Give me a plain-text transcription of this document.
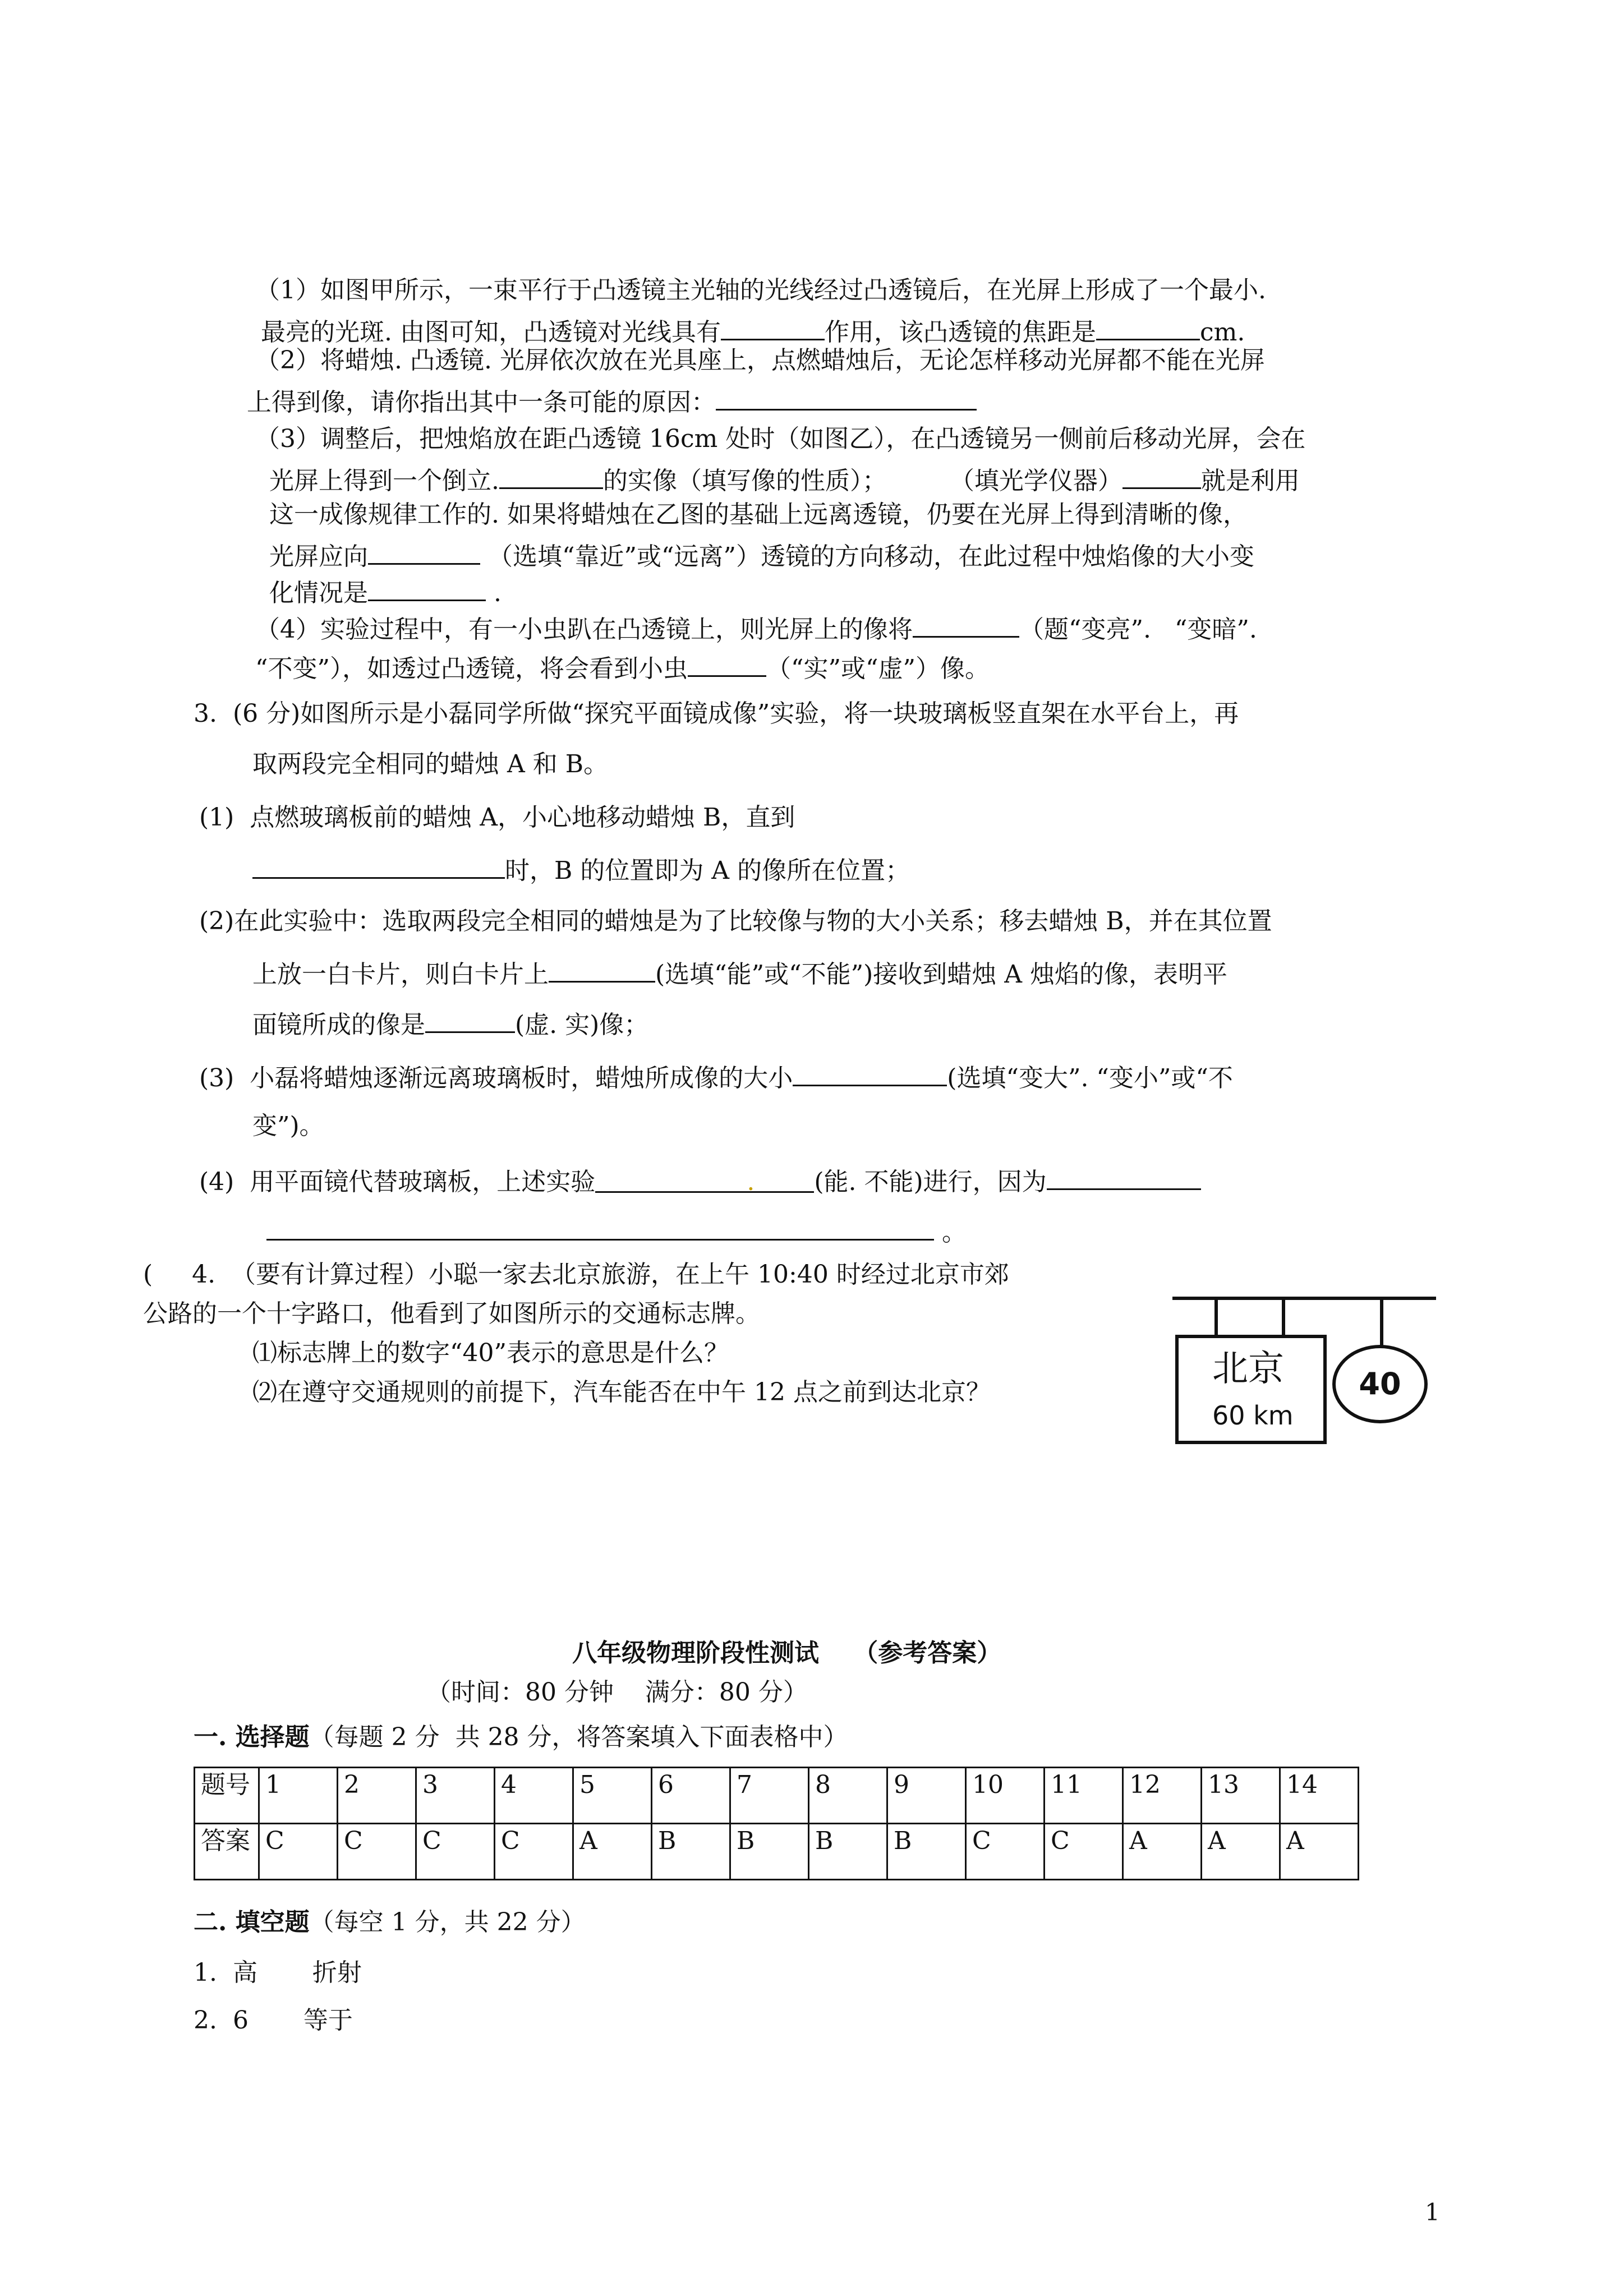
（1）如图甲所示，一束平行于凸透镜主光轴的光线经过凸透镜后，在光屏上形成了一个最小.
最亮的光斑. 由图可知，凸透镜对光线具有	作用，该凸透镜的焦距是	cm.
（2）将蜡烛. 凸透镜. 光屏依次放在光具座上，点燃蜡烛后，无论怎样移动光屏都不能在光屏
上得到像，请你指出其中一条可能的原因：
（3）调整后，把烛焰放在距凸透镜 16cm 处时（如图乙），在凸透镜另一侧前后移动光屏，会在
光屏上得到一个倒立.	的实像（填写像的性质）；        （填光学仪器）	就是利用
这一成像规律工作的. 如果将蜡烛在乙图的基础上远离透镜，仍要在光屏上得到清晰的像，
光屏应向	（选填“靠近”或“远离”）透镜的方向移动，在此过程中烛焰像的大小变
化情况是	.
（4）实验过程中，有一小虫趴在凸透镜上，则光屏上的像将	（题“变亮”.   “变暗”.
“不变”），如透过凸透镜，将会看到小虫	（“实”或“虚”）像。
3.  (6 分)如图所示是小磊同学所做“探究平面镜成像”实验，将一块玻璃板竖直架在水平台上，再
取两段完全相同的蜡烛 A 和 B。
(1)  点燃玻璃板前的蜡烛 A，小心地移动蜡烛 B，直到
时，B 的位置即为 A 的像所在位置；
(2)在此实验中：选取两段完全相同的蜡烛是为了比较像与物的大小关系；移去蜡烛 B，并在其位置
上放一白卡片，则白卡片上	(选填“能”或“不能”)接收到蜡烛 A 烛焰的像，表明平
面镜所成的像是	(虚. 实)像；
(3)  小磊将蜡烛逐渐远离玻璃板时，蜡烛所成像的大小	(选填“变大”. “变小”或“不
变”)。
(4)  用平面镜代替玻璃板，上述实验	. (能. 不能)进行，因为
。
(     4.  （要有计算过程）小聪一家去北京旅游，在上午 10:40 时经过北京市郊
公路的一个十字路口，他看到了如图所示的交通标志牌。
⑴标志牌上的数字“40”表示的意思是什么？
⑵在遵守交通规则的前提下，汽车能否在中午 12 点之前到达北京？
北京
60 km
40
八年级物理阶段性测试    （参考答案）
（时间：80 分钟    满分：80 分）
一. 选择题（每题 2 分  共 28 分，将答案填入下面表格中）
题号	1	2	3	4	5	6	7	8	9	10	11	12	13	14
答案	C	C	C	C	A	B	B	B	B	C	C	A	A	A
二. 填空题（每空 1 分，共 22 分）
1.  高       折射
2.  6       等于
1
